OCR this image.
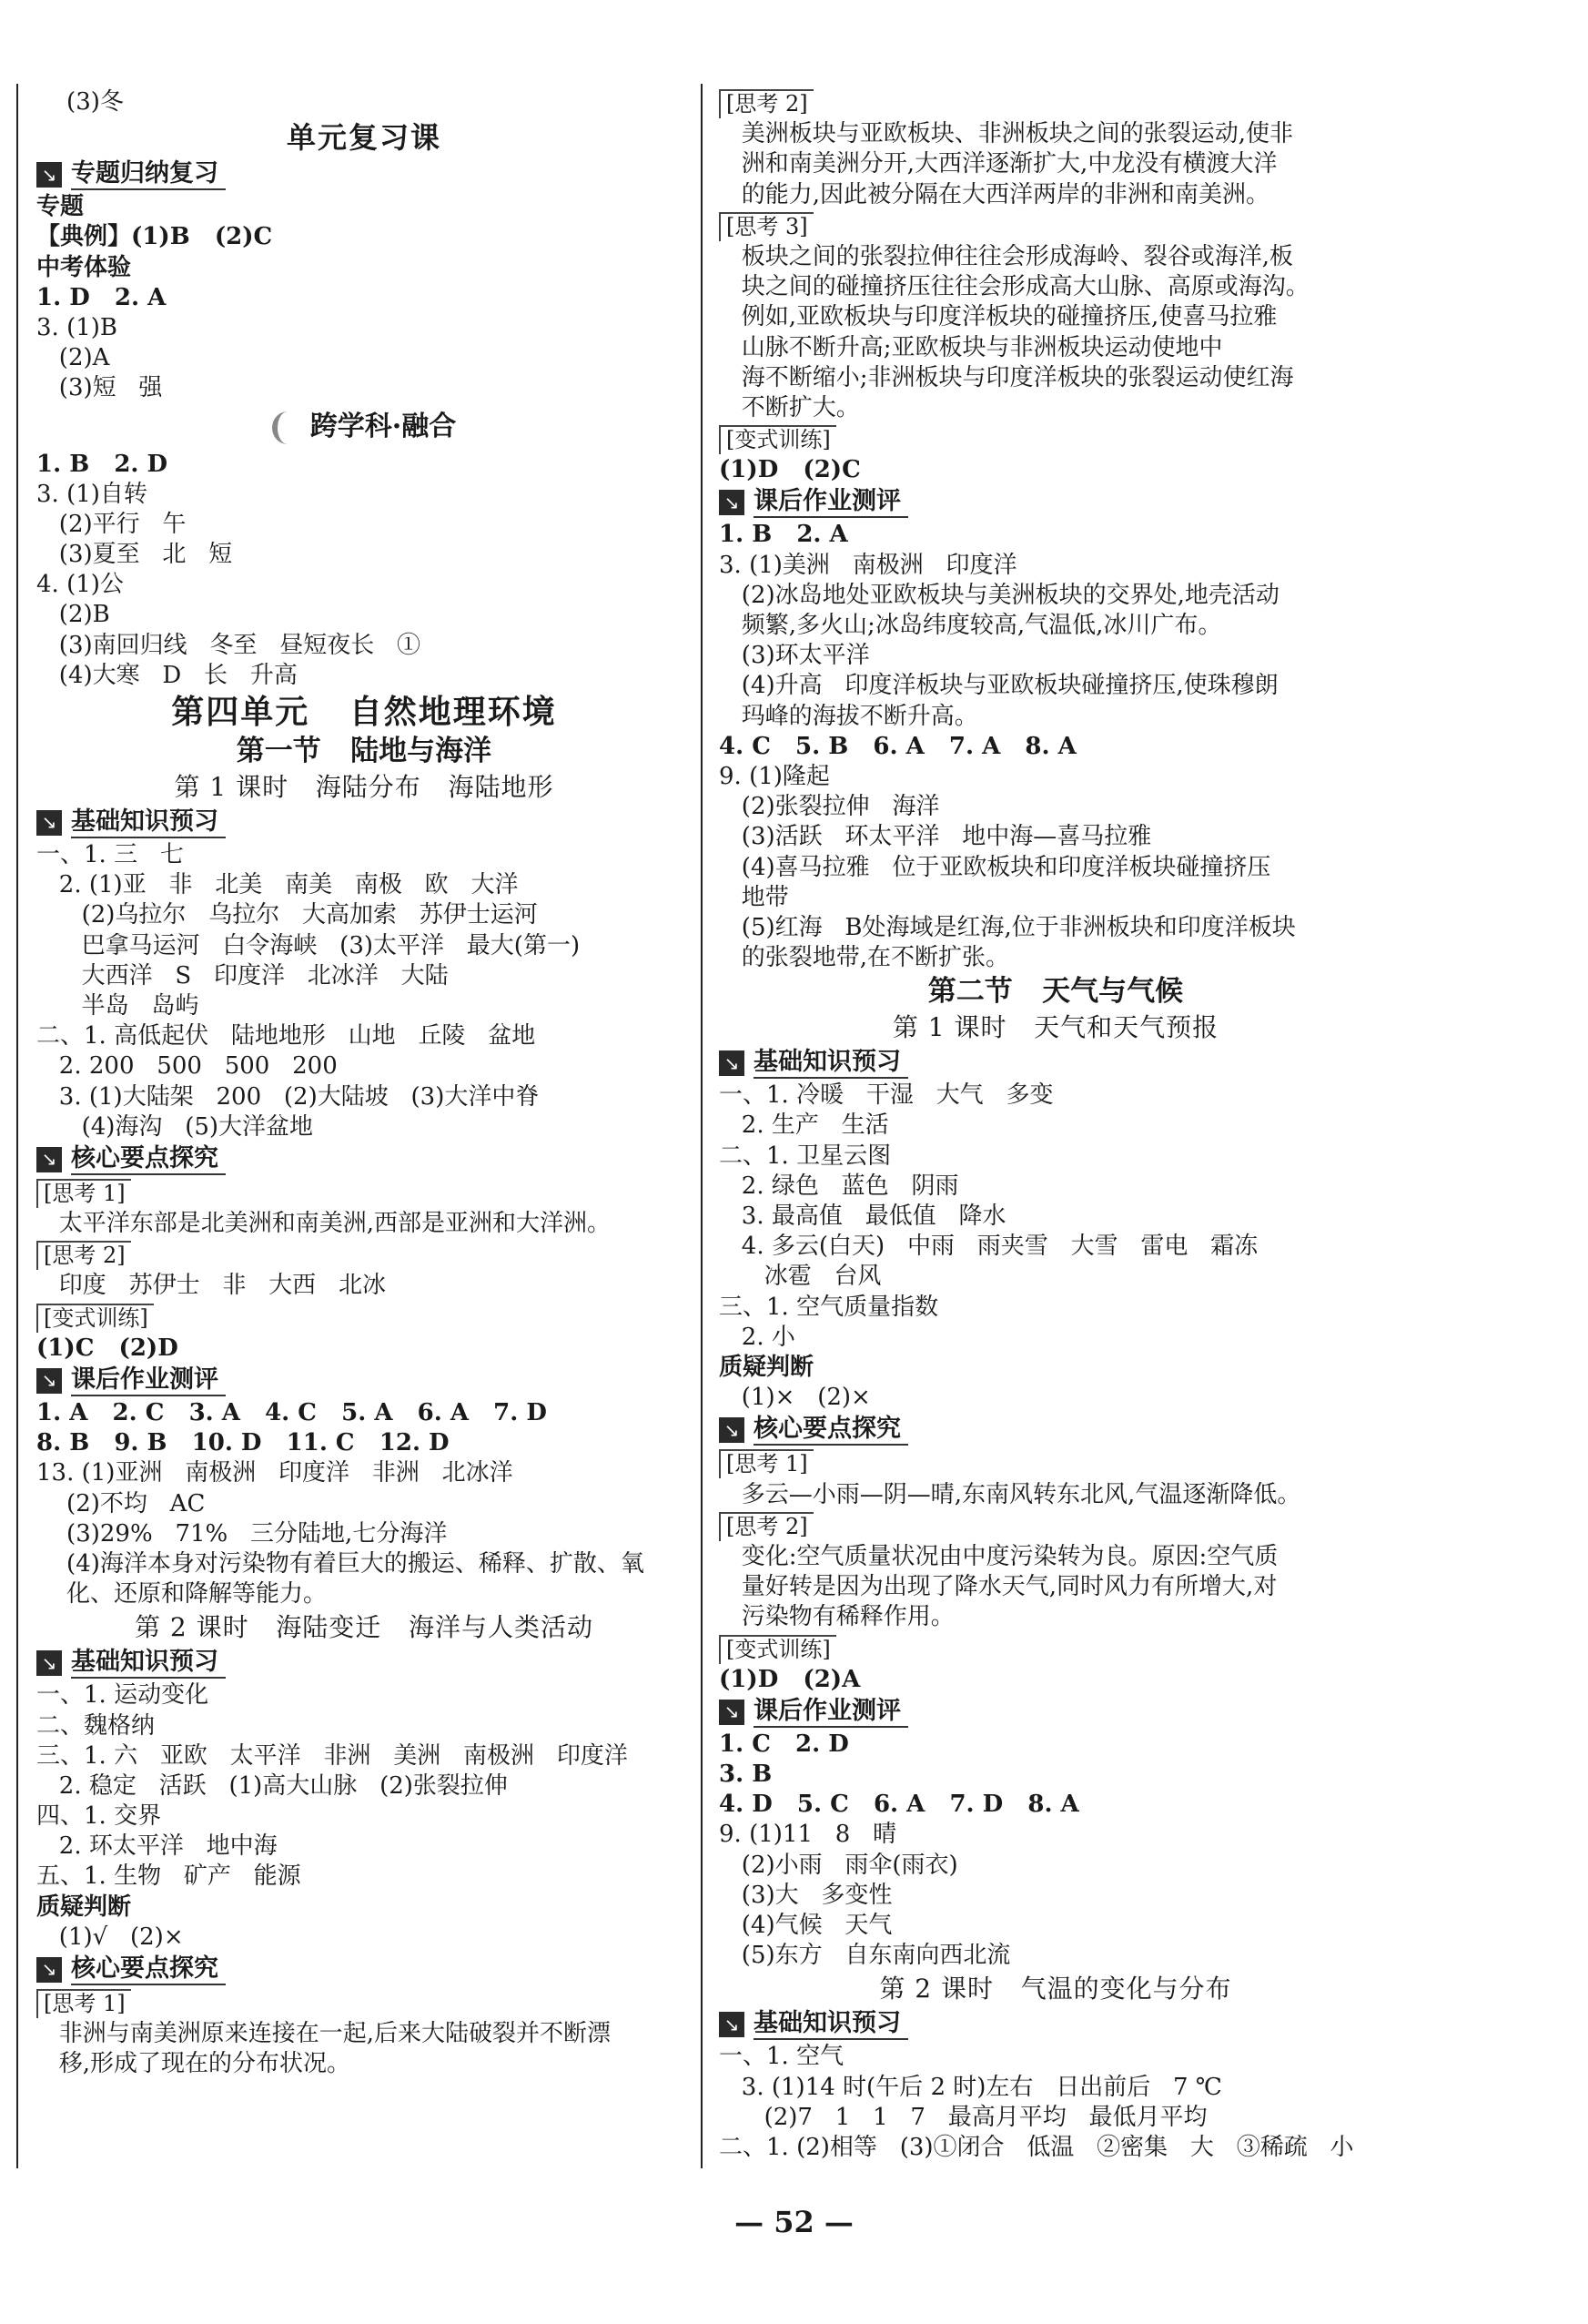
(3)冬
单元复习课
↘ 专题归纳复习
专题
【典例】(1)B   (2)C
中考体验
1. D   2. A
3. (1)B
(2)A
(3)短   强
跨学科·融合
1. B   2. D
3. (1)自转
(2)平行   午
(3)夏至   北   短
4. (1)公
(2)B
(3)南回归线   冬至   昼短夜长   ①
(4)大寒   D   长   升高
第四单元   自然地理环境
第一节   陆地与海洋
第 1 课时   海陆分布   海陆地形
↘ 基础知识预习
一、1. 三   七
2. (1)亚   非   北美   南美   南极   欧   大洋
(2)乌拉尔   乌拉尔   大高加索   苏伊士运河
巴拿马运河   白令海峡   (3)太平洋   最大(第一)
大西洋   S   印度洋   北冰洋   大陆
半岛   岛屿
二、1. 高低起伏   陆地地形   山地   丘陵   盆地
2. 200   500   500   200
3. (1)大陆架   200   (2)大陆坡   (3)大洋中脊
(4)海沟   (5)大洋盆地
↘ 核心要点探究
[思考 1]
太平洋东部是北美洲和南美洲,西部是亚洲和大洋洲。
[思考 2]
印度   苏伊士   非   大西   北冰
[变式训练]
(1)C   (2)D
↘ 课后作业测评
1. A   2. C   3. A   4. C   5. A   6. A   7. D
8. B   9. B   10. D   11. C   12. D
13. (1)亚洲   南极洲   印度洋   非洲   北冰洋
(2)不均   AC
(3)29%   71%   三分陆地,七分海洋
(4)海洋本身对污染物有着巨大的搬运、稀释、扩散、氧
化、还原和降解等能力。
第 2 课时   海陆变迁   海洋与人类活动
↘ 基础知识预习
一、1. 运动变化
二、魏格纳
三、1. 六   亚欧   太平洋   非洲   美洲   南极洲   印度洋
2. 稳定   活跃   (1)高大山脉   (2)张裂拉伸
四、1. 交界
2. 环太平洋   地中海
五、1. 生物   矿产   能源
质疑判断
(1)√   (2)×
↘ 核心要点探究
[思考 1]
非洲与南美洲原来连接在一起,后来大陆破裂并不断漂
移,形成了现在的分布状况。
[思考 2]
美洲板块与亚欧板块、非洲板块之间的张裂运动,使非
洲和南美洲分开,大西洋逐渐扩大,中龙没有横渡大洋
的能力,因此被分隔在大西洋两岸的非洲和南美洲。
[思考 3]
板块之间的张裂拉伸往往会形成海岭、裂谷或海洋,板
块之间的碰撞挤压往往会形成高大山脉、高原或海沟。
例如,亚欧板块与印度洋板块的碰撞挤压,使喜马拉雅
山脉不断升高;亚欧板块与非洲板块运动使地中
海不断缩小;非洲板块与印度洋板块的张裂运动使红海
不断扩大。
[变式训练]
(1)D   (2)C
↘ 课后作业测评
1. B   2. A
3. (1)美洲   南极洲   印度洋
(2)冰岛地处亚欧板块与美洲板块的交界处,地壳活动
频繁,多火山;冰岛纬度较高,气温低,冰川广布。
(3)环太平洋
(4)升高   印度洋板块与亚欧板块碰撞挤压,使珠穆朗
玛峰的海拔不断升高。
4. C   5. B   6. A   7. A   8. A
9. (1)隆起
(2)张裂拉伸   海洋
(3)活跃   环太平洋   地中海—喜马拉雅
(4)喜马拉雅   位于亚欧板块和印度洋板块碰撞挤压
地带
(5)红海   B处海域是红海,位于非洲板块和印度洋板块
的张裂地带,在不断扩张。
第二节   天气与气候
第 1 课时   天气和天气预报
↘ 基础知识预习
一、1. 冷暖   干湿   大气   多变
2. 生产   生活
二、1. 卫星云图
2. 绿色   蓝色   阴雨
3. 最高值   最低值   降水
4. 多云(白天)   中雨   雨夹雪   大雪   雷电   霜冻
冰雹   台风
三、1. 空气质量指数
2. 小
质疑判断
(1)×   (2)×
↘ 核心要点探究
[思考 1]
多云—小雨—阴—晴,东南风转东北风,气温逐渐降低。
[思考 2]
变化:空气质量状况由中度污染转为良。原因:空气质
量好转是因为出现了降水天气,同时风力有所增大,对
污染物有稀释作用。
[变式训练]
(1)D   (2)A
↘ 课后作业测评
1. C   2. D
3. B
4. D   5. C   6. A   7. D   8. A
9. (1)11   8   晴
(2)小雨   雨伞(雨衣)
(3)大   多变性
(4)气候   天气
(5)东方   自东南向西北流
第 2 课时   气温的变化与分布
↘ 基础知识预习
一、1. 空气
3. (1)14 时(午后 2 时)左右   日出前后   7 ℃
(2)7   1   1   7   最高月平均   最低月平均
二、1. (2)相等   (3)①闭合   低温   ②密集   大   ③稀疏   小
— 52 —
